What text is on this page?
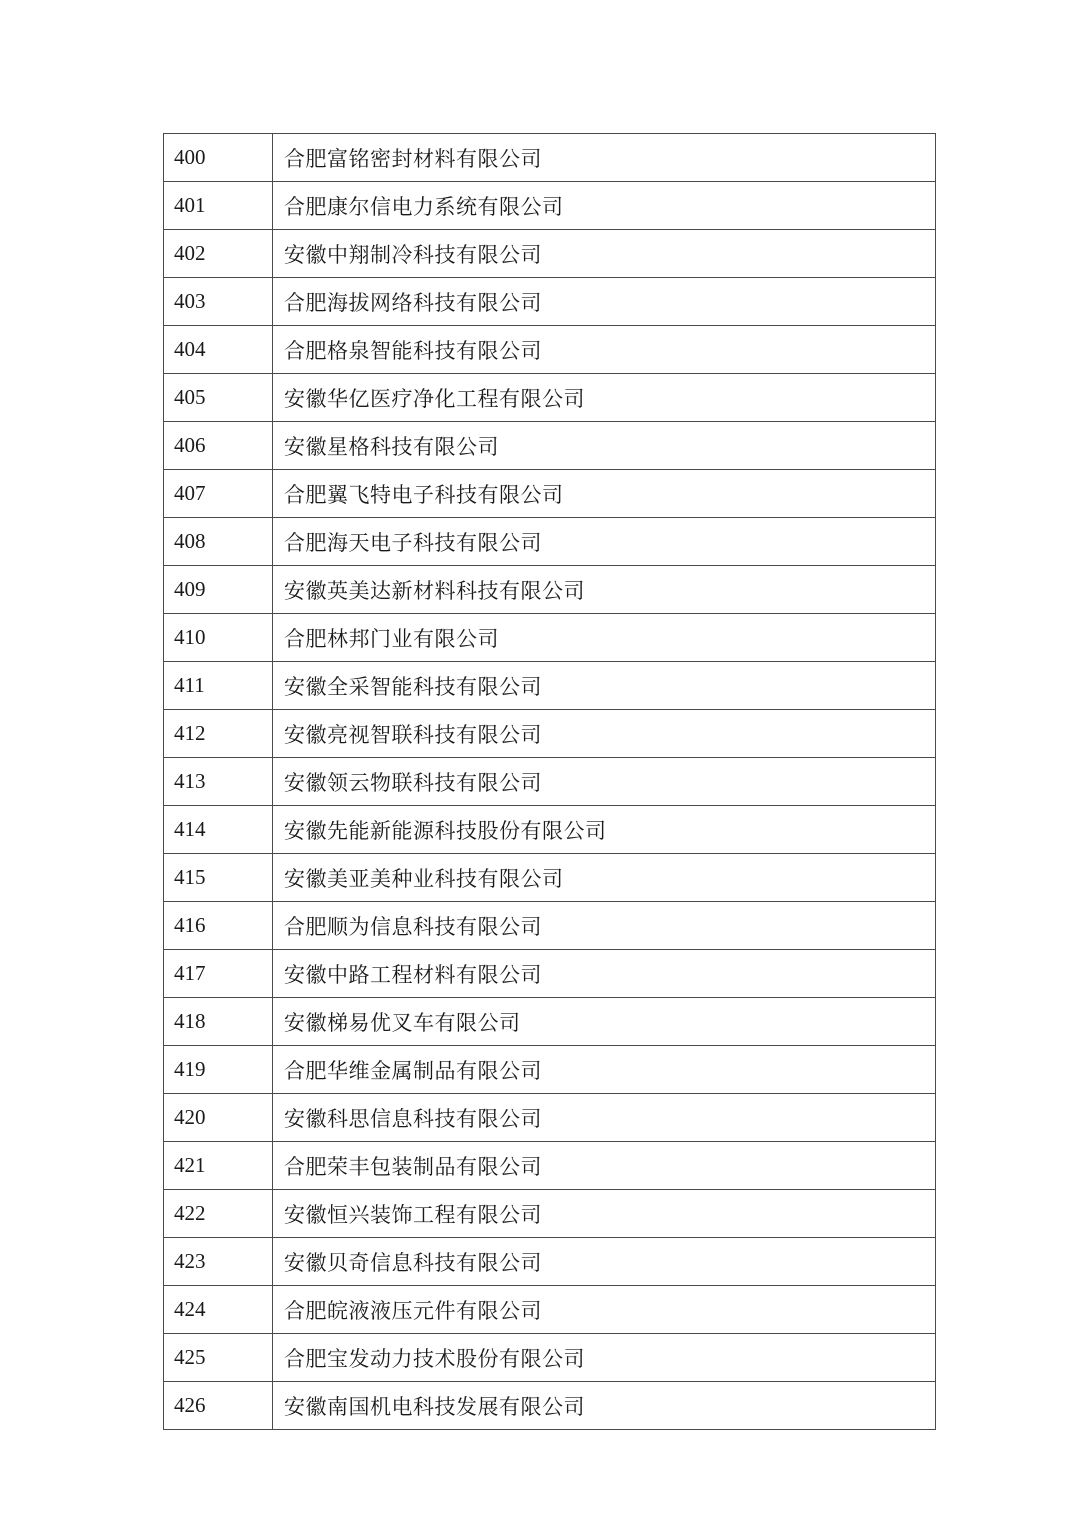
400	合肥富铭密封材料有限公司
401	合肥康尔信电力系统有限公司
402	安徽中翔制冷科技有限公司
403	合肥海拔网络科技有限公司
404	合肥格泉智能科技有限公司
405	安徽华亿医疗净化工程有限公司
406	安徽星格科技有限公司
407	合肥翼飞特电子科技有限公司
408	合肥海天电子科技有限公司
409	安徽英美达新材料科技有限公司
410	合肥林邦门业有限公司
411	安徽全采智能科技有限公司
412	安徽亮视智联科技有限公司
413	安徽领云物联科技有限公司
414	安徽先能新能源科技股份有限公司
415	安徽美亚美种业科技有限公司
416	合肥顺为信息科技有限公司
417	安徽中路工程材料有限公司
418	安徽梯易优叉车有限公司
419	合肥华维金属制品有限公司
420	安徽科思信息科技有限公司
421	合肥荣丰包装制品有限公司
422	安徽恒兴装饰工程有限公司
423	安徽贝奇信息科技有限公司
424	合肥皖液液压元件有限公司
425	合肥宝发动力技术股份有限公司
426	安徽南国机电科技发展有限公司
